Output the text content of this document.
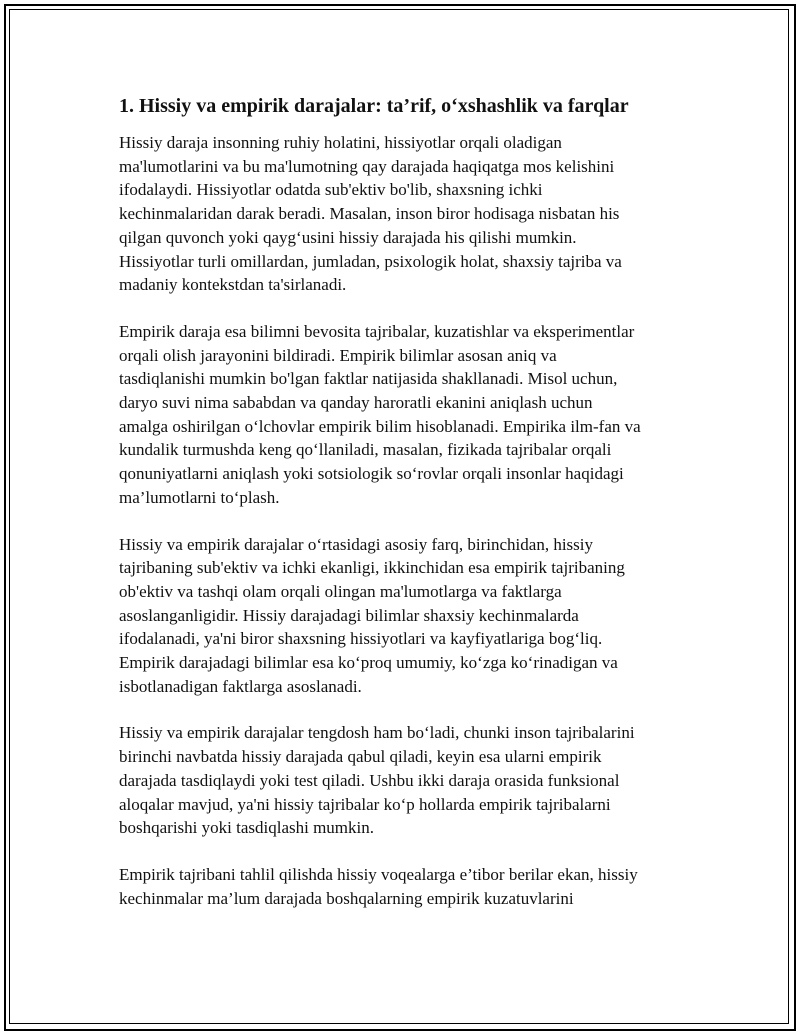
1. Hissiy va empirik darajalar: ta’rif, o‘xshashlik va farqlar

Hissiy daraja insonning ruhiy holatini, hissiyotlar orqali oladigan
ma'lumotlarini va bu ma'lumotning qay darajada haqiqatga mos kelishini
ifodalaydi. Hissiyotlar odatda sub'ektiv bo'lib, shaxsning ichki
kechinmalaridan darak beradi. Masalan, inson biror hodisaga nisbatan his
qilgan quvonch yoki qayg‘usini hissiy darajada his qilishi mumkin.
Hissiyotlar turli omillardan, jumladan, psixologik holat, shaxsiy tajriba va
madaniy kontekstdan ta'sirlanadi.

Empirik daraja esa bilimni bevosita tajribalar, kuzatishlar va eksperimentlar
orqali olish jarayonini bildiradi. Empirik bilimlar asosan aniq va
tasdiqlanishi mumkin bo'lgan faktlar natijasida shakllanadi. Misol uchun,
daryo suvi nima sababdan va qanday haroratli ekanini aniqlash uchun
amalga oshirilgan o‘lchovlar empirik bilim hisoblanadi. Empirika ilm-fan va
kundalik turmushda keng qo‘llaniladi, masalan, fizikada tajribalar orqali
qonuniyatlarni aniqlash yoki sotsiologik so‘rovlar orqali insonlar haqidagi
ma’lumotlarni to‘plash.

Hissiy va empirik darajalar o‘rtasidagi asosiy farq, birinchidan, hissiy
tajribaning sub'ektiv va ichki ekanligi, ikkinchidan esa empirik tajribaning
ob'ektiv va tashqi olam orqali olingan ma'lumotlarga va faktlarga
asoslanganligidir. Hissiy darajadagi bilimlar shaxsiy kechinmalarda
ifodalanadi, ya'ni biror shaxsning hissiyotlari va kayfiyatlariga bog‘liq.
Empirik darajadagi bilimlar esa ko‘proq umumiy, ko‘zga ko‘rinadigan va
isbotlanadigan faktlarga asoslanadi.

Hissiy va empirik darajalar tengdosh ham bo‘ladi, chunki inson tajribalarini
birinchi navbatda hissiy darajada qabul qiladi, keyin esa ularni empirik
darajada tasdiqlaydi yoki test qiladi. Ushbu ikki daraja orasida funksional
aloqalar mavjud, ya'ni hissiy tajribalar ko‘p hollarda empirik tajribalarni
boshqarishi yoki tasdiqlashi mumkin.

Empirik tajribani tahlil qilishda hissiy voqealarga e’tibor berilar ekan, hissiy
kechinmalar ma’lum darajada boshqalarning empirik kuzatuvlarini
